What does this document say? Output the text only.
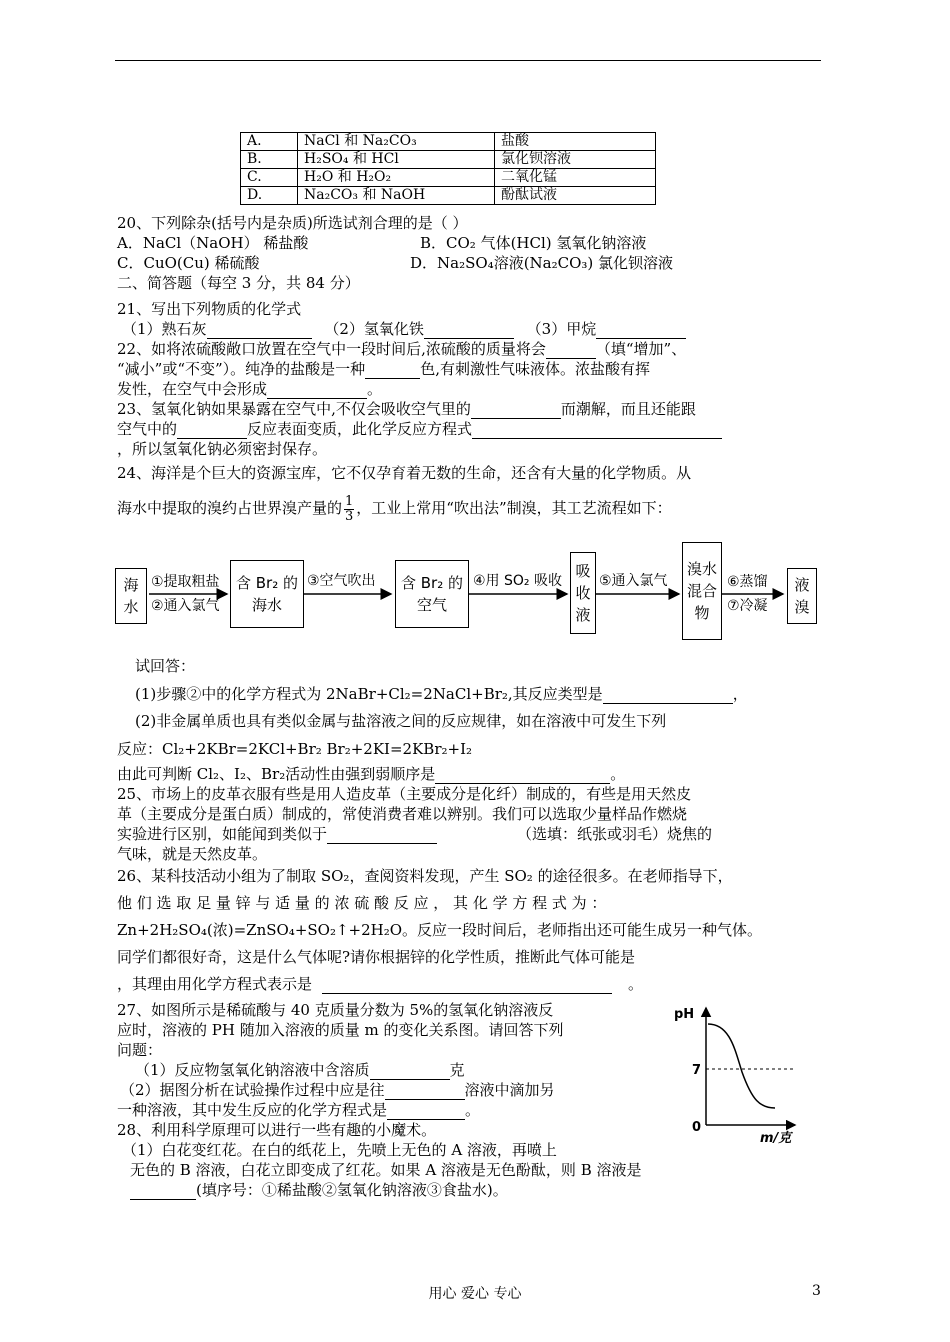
A.	NaCl 和 Na₂CO₃	盐酸
B.	H₂SO₄ 和 HCl	氯化钡溶液
C.	H₂O 和 H₂O₂	二氧化锰
D.	Na₂CO₃ 和 NaOH	酚酞试液
20、下列除杂(括号内是杂质)所选试剂合理的是（ ）
A．NaCl（NaOH） 稀盐酸	B．CO₂ 气体(HCl) 氢氧化钠溶液
C．CuO(Cu) 稀硫酸	D．Na₂SO₄溶液(Na₂CO₃) 氯化钡溶液
二、简答题（每空 3 分，共 84 分）
21、写出下列物质的化学式
（1）熟石灰	（2）氢氧化铁	（3）甲烷
22、如将浓硫酸敞口放置在空气中一段时间后,浓硫酸的质量将会	（填“增加”、
“减小”或“不变”）。纯净的盐酸是一种	色,有刺激性气味液体。浓盐酸有挥
发性，在空气中会形成	。
23、氢氧化钠如果暴露在空气中,不仅会吸收空气里的	而潮解，而且还能跟
空气中的	反应表面变质，此化学反应方程式
，所以氢氧化钠必须密封保存。
24、海洋是个巨大的资源宝库，它不仅孕育着无数的生命，还含有大量的化学物质。从
海水中提取的溴约占世界溴产量的 $\frac{1}{3}$ ，工业上常用“吹出法”制溴，其工艺流程如下：
海
水
①提取粗盐
②通入氯气
含 Br₂ 的
海水
③空气吹出 含 Br₂ 的
空气
④用 SO₂ 吸收
吸
收
液
⑤通入氯气
溴水
混合
物
⑥蒸馏
⑦冷凝
液
溴
试回答：
(1)步骤②中的化学方程式为 2NaBr+Cl₂=2NaCl+Br₂,其反应类型是	，
(2)非金属单质也具有类似金属与盐溶液之间的反应规律，如在溶液中可发生下列
反应：Cl₂+2KBr=2KCl+Br₂ Br₂+2KI=2KBr₂+I₂
由此可判断 Cl₂、I₂、Br₂活动性由强到弱顺序是	。
25、市场上的皮革衣服有些是用人造皮革（主要成分是化纤）制成的，有些是用天然皮
革（主要成分是蛋白质）制成的，常使消费者难以辨别。我们可以选取少量样品作燃烧
实验进行区别，如能闻到类似于	（选填：纸张或羽毛）烧焦的
气味，就是天然皮革。
26、某科技活动小组为了制取 SO₂，查阅资料发现，产生 SO₂ 的途径很多。在老师指导下，
他 们 选 取 足 量 锌 与 适 量 的 浓 硫 酸 反 应 ， 其 化 学 方 程 式 为 ：
Zn+2H₂SO₄(浓)=ZnSO₄+SO₂↑+2H₂O。反应一段时间后，老师指出还可能生成另一种气体。
同学们都很好奇，这是什么气体呢?请你根据锌的化学性质，推断此气体可能是
，其理由用化学方程式表示是	。
27、如图所示是稀硫酸与 40 克质量分数为 5%的氢氧化钠溶液反
应时，溶液的 PH 随加入溶液的质量 m 的变化关系图。请回答下列
问题：
（1）反应物氢氧化钠溶液中含溶质	克
（2）据图分析在试验操作过程中应是往	溶液中滴加另
一种溶液，其中发生反应的化学方程式是	。
pH
7
0
m/克
28、利用科学原理可以进行一些有趣的小魔术。
（1）白花变红花。在白的纸花上，先喷上无色的 A 溶液，再喷上
无色的 B 溶液，白花立即变成了红花。如果 A 溶液是无色酚酞，则 B 溶液是
(填序号：①稀盐酸②氢氧化钠溶液③食盐水)。
用心 爱心 专心	3
